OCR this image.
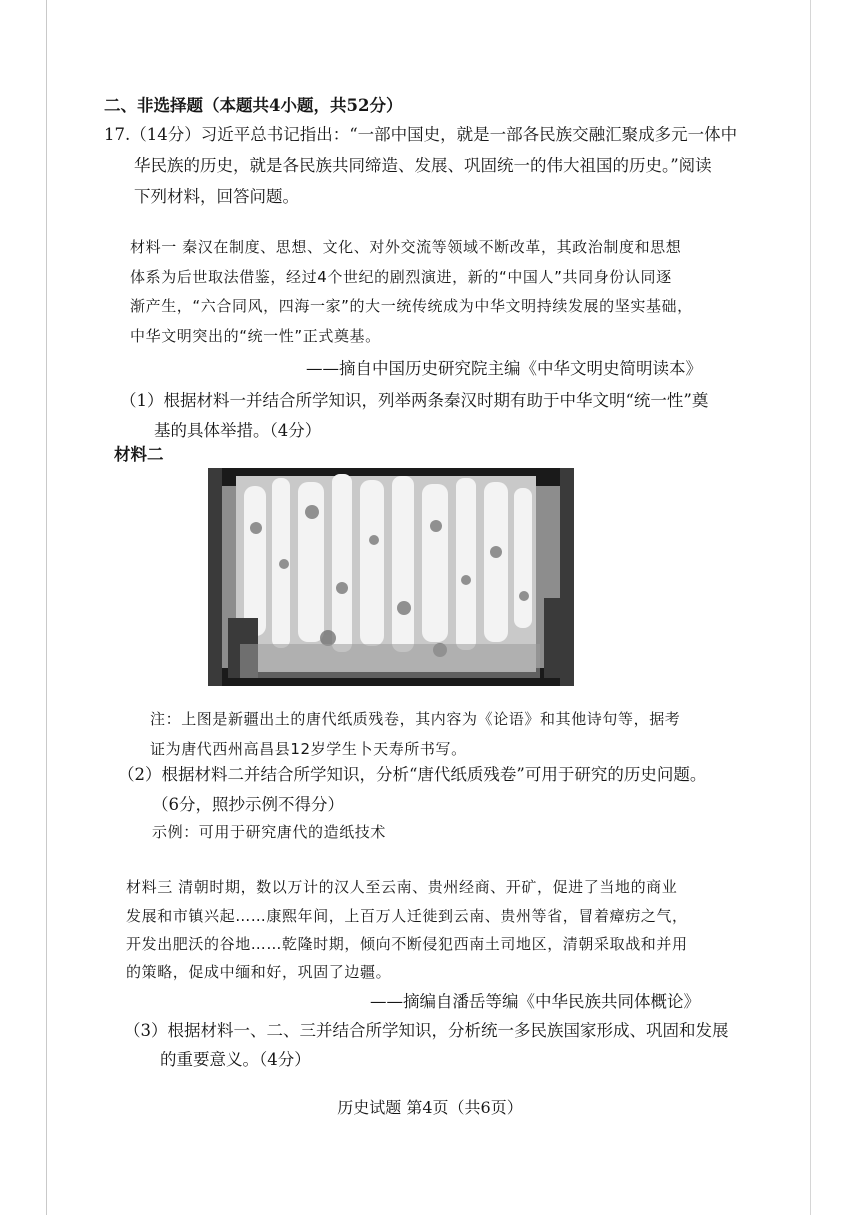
二、非选择题（本题共4小题，共52分）
17.（14分）习近平总书记指出：“一部中国史，就是一部各民族交融汇聚成多元一体中
华民族的历史，就是各民族共同缔造、发展、巩固统一的伟大祖国的历史。”阅读
下列材料，回答问题。
材料一 秦汉在制度、思想、文化、对外交流等领域不断改革，其政治制度和思想
体系为后世取法借鉴，经过4个世纪的剧烈演进，新的“中国人”共同身份认同逐
渐产生，“六合同风，四海一家”的大一统传统成为中华文明持续发展的坚实基础，
中华文明突出的“统一性”正式奠基。
——摘自中国历史研究院主编《中华文明史简明读本》
（1）根据材料一并结合所学知识，列举两条秦汉时期有助于中华文明“统一性”奠
基的具体举措。（4分）
材料二
注：上图是新疆出土的唐代纸质残卷，其内容为《论语》和其他诗句等，据考
证为唐代西州高昌县12岁学生卜天寿所书写。
（2）根据材料二并结合所学知识，分析“唐代纸质残卷”可用于研究的历史问题。
（6分，照抄示例不得分）
示例：可用于研究唐代的造纸技术
材料三 清朝时期，数以万计的汉人至云南、贵州经商、开矿，促进了当地的商业
发展和市镇兴起……康熙年间，上百万人迁徙到云南、贵州等省，冒着瘴疠之气，
开发出肥沃的谷地……乾隆时期，倾向不断侵犯西南土司地区，清朝采取战和并用
的策略，促成中缅和好，巩固了边疆。
——摘编自潘岳等编《中华民族共同体概论》
（3）根据材料一、二、三并结合所学知识，分析统一多民族国家形成、巩固和发展
的重要意义。（4分）
历史试题 第4页（共6页）
